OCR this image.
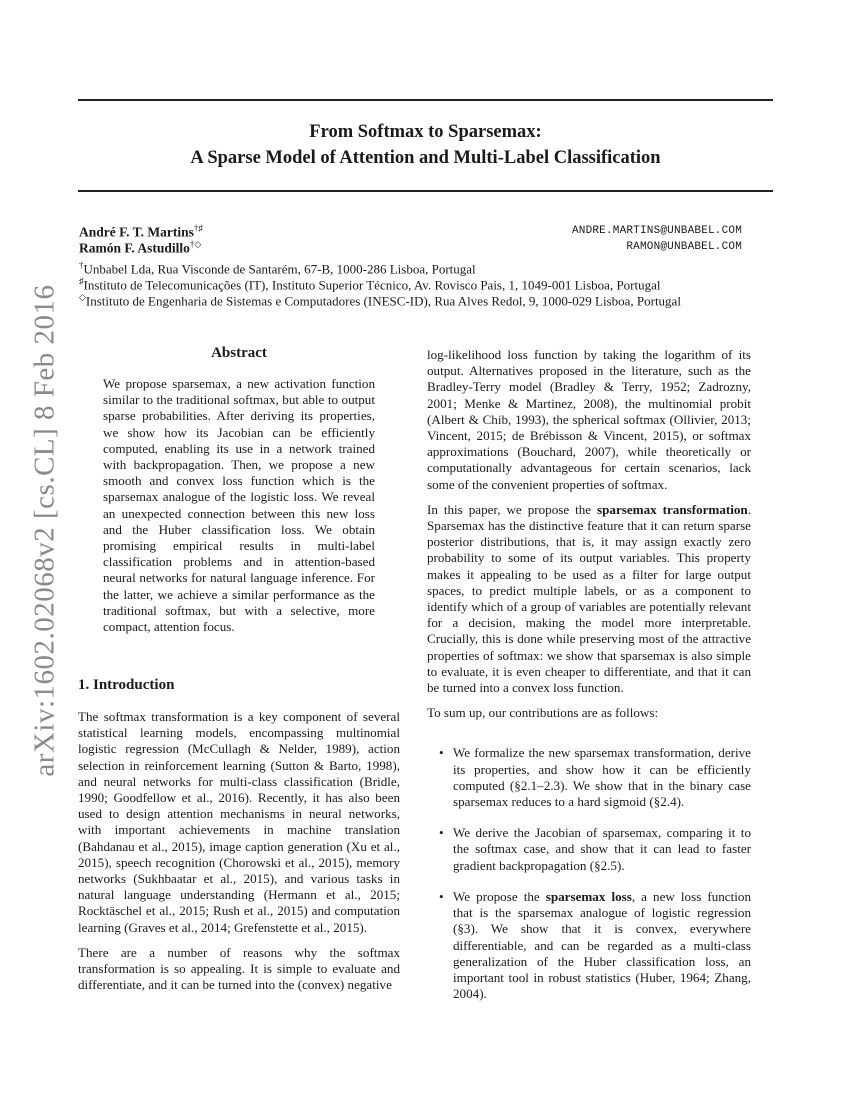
From Softmax to Sparsemax:
A Sparse Model of Attention and Multi-Label Classification
André F. T. Martins†♯
Ramón F. Astudillo†◇
ANDRE.MARTINS@UNBABEL.COM
RAMON@UNBABEL.COM
†Unbabel Lda, Rua Visconde de Santarém, 67-B, 1000-286 Lisboa, Portugal
♯Instituto de Telecomunicações (IT), Instituto Superior Técnico, Av. Rovisco Pais, 1, 1049-001 Lisboa, Portugal
◇Instituto de Engenharia de Sistemas e Computadores (INESC-ID), Rua Alves Redol, 9, 1000-029 Lisboa, Portugal
arXiv:1602.02068v2 [cs.CL] 8 Feb 2016	Abstract

We propose sparsemax, a new activation function similar to the traditional softmax, but able to output sparse probabilities. After deriving its properties, we show how its Jacobian can be efficiently computed, enabling its use in a network trained with backpropagation. Then, we propose a new smooth and convex loss function which is the sparsemax analogue of the logistic loss. We reveal an unexpected connection between this new loss and the Huber classification loss. We obtain promising empirical results in multi-label classification problems and in attention-based neural networks for natural language inference. For the latter, we achieve a similar performance as the traditional softmax, but with a selective, more compact, attention focus.

1. Introduction

The softmax transformation is a key component of several statistical learning models, encompassing multinomial logistic regression (McCullagh & Nelder, 1989), action selection in reinforcement learning (Sutton & Barto, 1998), and neural networks for multi-class classification (Bridle, 1990; Goodfellow et al., 2016). Recently, it has also been used to design attention mechanisms in neural networks, with important achievements in machine translation (Bahdanau et al., 2015), image caption generation (Xu et al., 2015), speech recognition (Chorowski et al., 2015), memory networks (Sukhbaatar et al., 2015), and various tasks in natural language understanding (Hermann et al., 2015; Rocktäschel et al., 2015; Rush et al., 2015) and computation learning (Graves et al., 2014; Grefenstette et al., 2015).

There are a number of reasons why the softmax transformation is so appealing. It is simple to evaluate and differentiate, and it can be turned into the (convex) negative

log-likelihood loss function by taking the logarithm of its output. Alternatives proposed in the literature, such as the Bradley-Terry model (Bradley & Terry, 1952; Zadrozny, 2001; Menke & Martinez, 2008), the multinomial probit (Albert & Chib, 1993), the spherical softmax (Ollivier, 2013; Vincent, 2015; de Brébisson & Vincent, 2015), or softmax approximations (Bouchard, 2007), while theoretically or computationally advantageous for certain scenarios, lack some of the convenient properties of softmax.

In this paper, we propose the sparsemax transformation. Sparsemax has the distinctive feature that it can return sparse posterior distributions, that is, it may assign exactly zero probability to some of its output variables. This property makes it appealing to be used as a filter for large output spaces, to predict multiple labels, or as a component to identify which of a group of variables are potentially relevant for a decision, making the model more interpretable. Crucially, this is done while preserving most of the attractive properties of softmax: we show that sparsemax is also simple to evaluate, it is even cheaper to differentiate, and that it can be turned into a convex loss function.

To sum up, our contributions are as follows:

• We formalize the new sparsemax transformation, derive its properties, and show how it can be efficiently computed (§2.1–2.3). We show that in the binary case sparsemax reduces to a hard sigmoid (§2.4).
• We derive the Jacobian of sparsemax, comparing it to the softmax case, and show that it can lead to faster gradient backpropagation (§2.5).
• We propose the sparsemax loss, a new loss function that is the sparsemax analogue of logistic regression (§3). We show that it is convex, everywhere differentiable, and can be regarded as a multi-class generalization of the Huber classification loss, an important tool in robust statistics (Huber, 1964; Zhang, 2004).
